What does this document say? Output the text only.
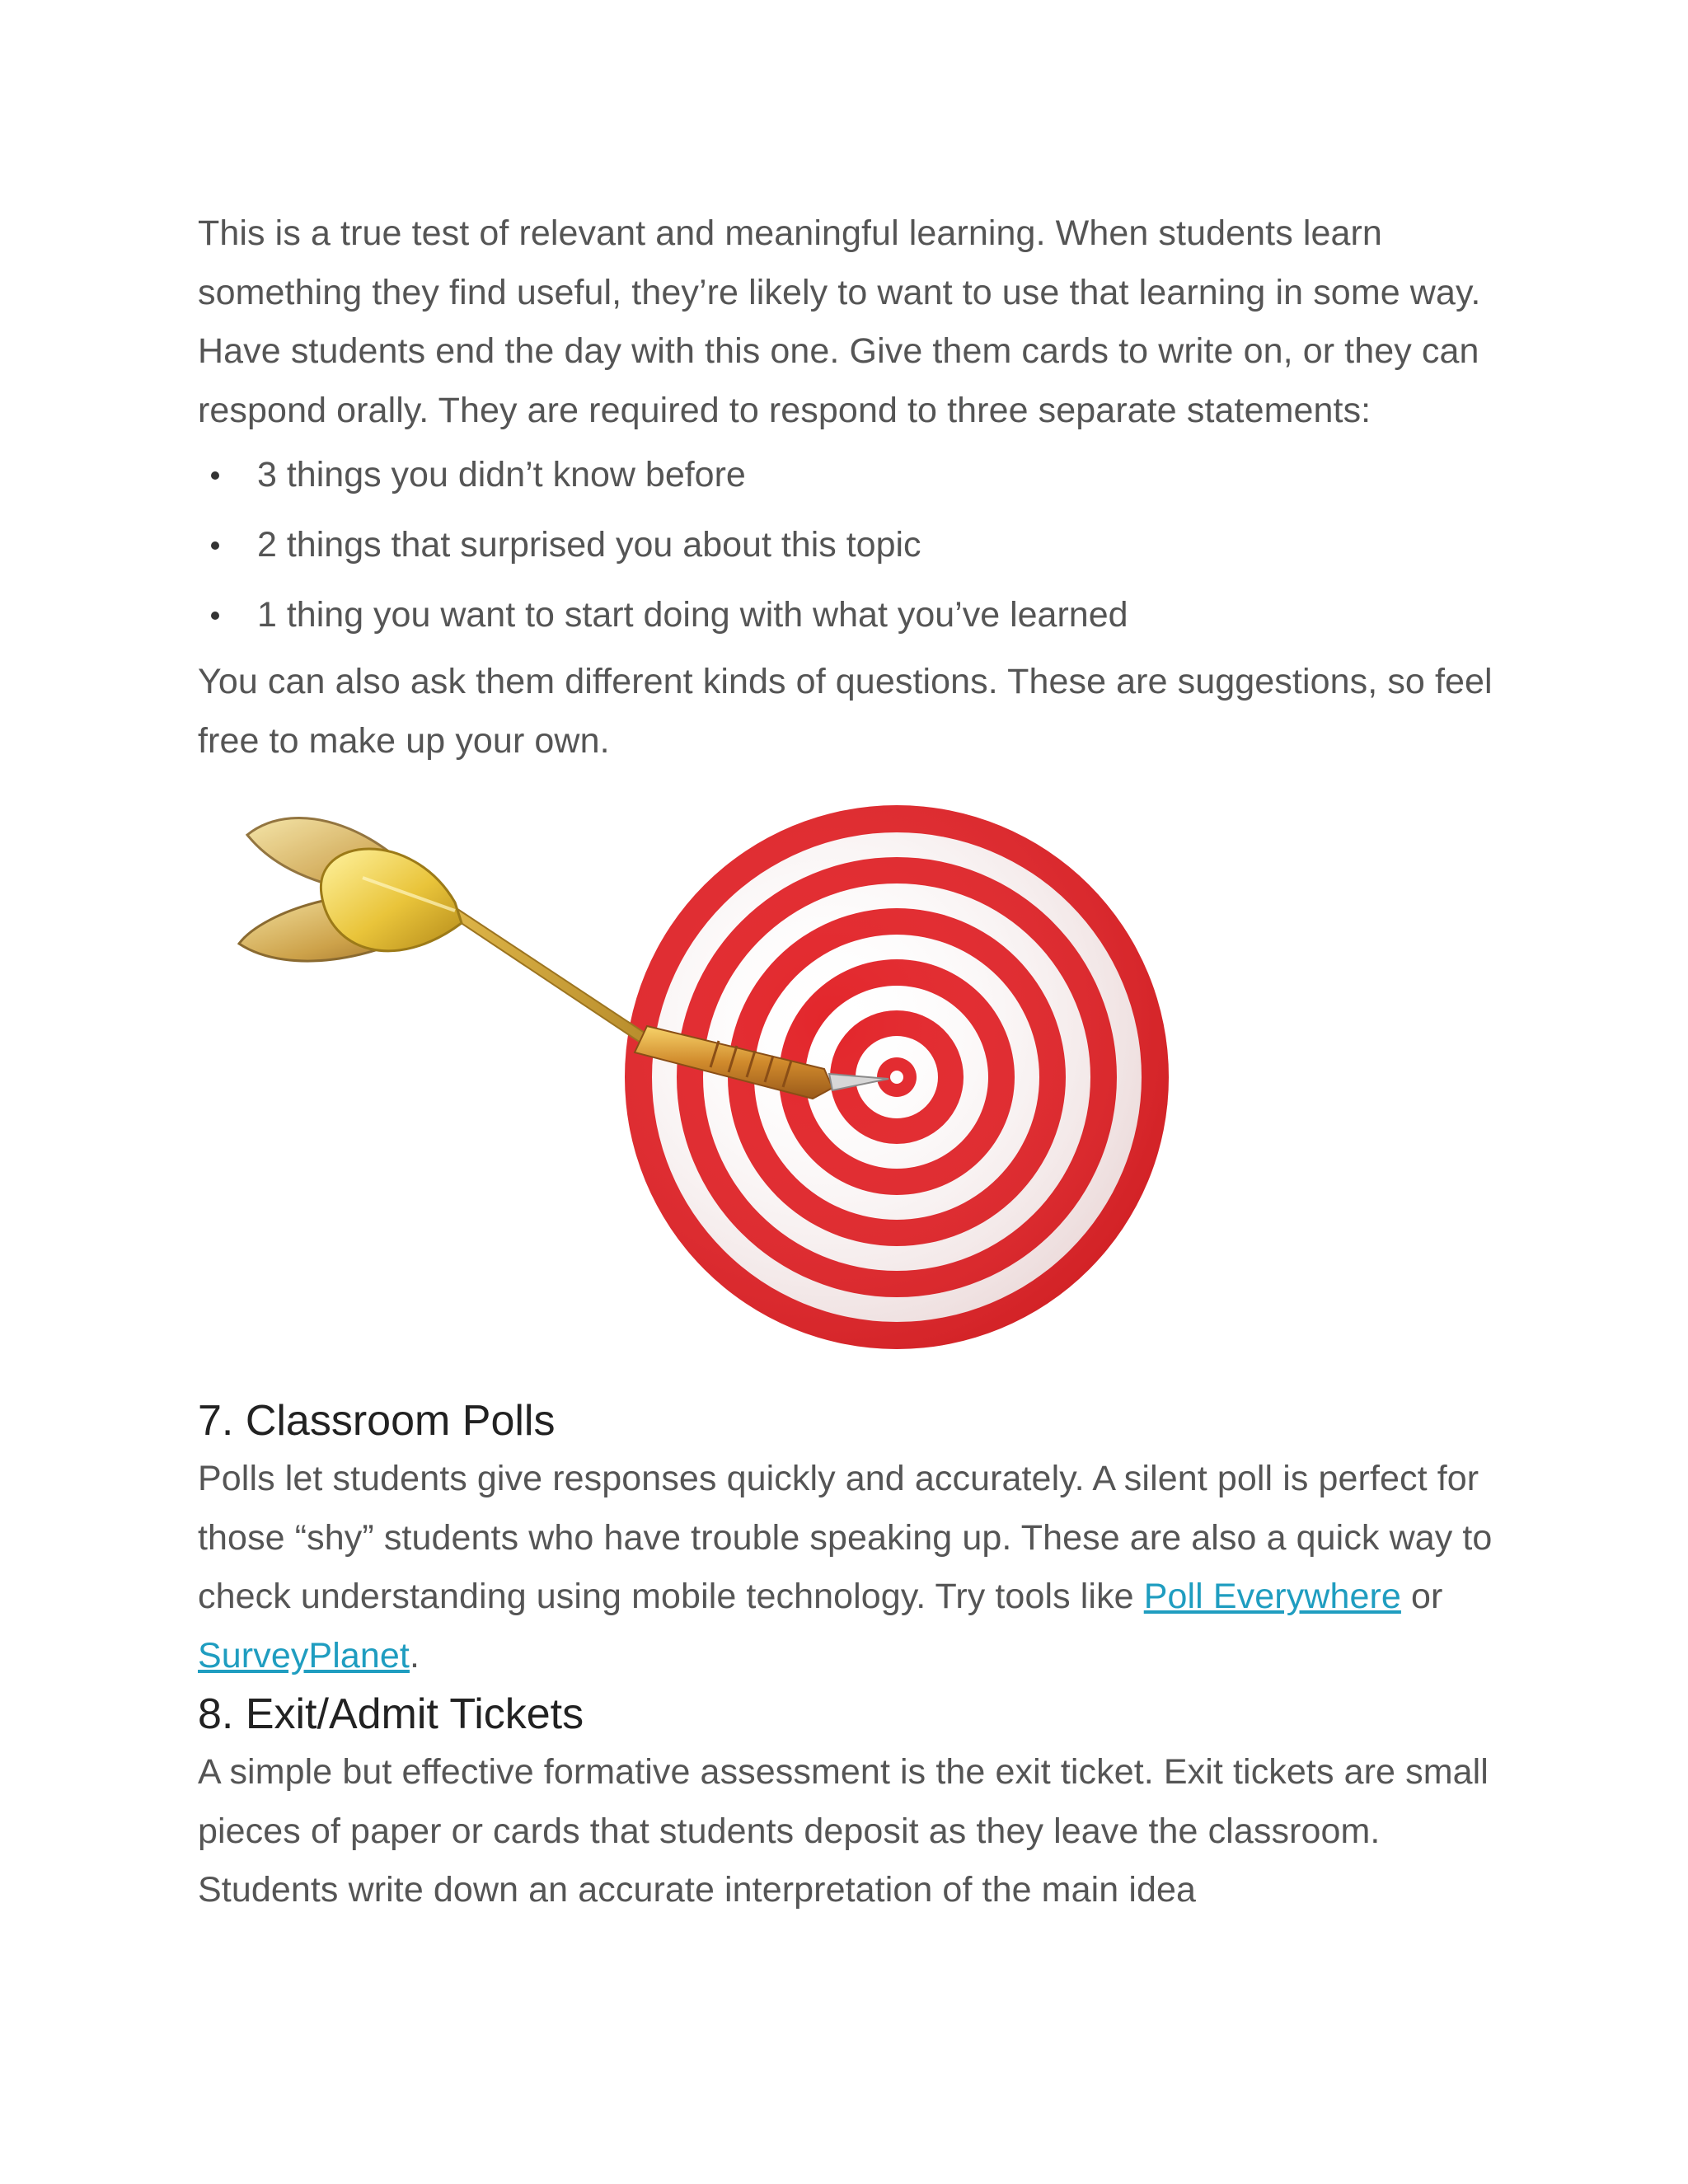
This is a true test of relevant and meaningful learning. When students learn something they find useful, they’re likely to want to use that learning in some way. Have students end the day with this one. Give them cards to write on, or they can respond orally. They are required to respond to three separate statements:

3 things you didn’t know before
2 things that surprised you about this topic
1 thing you want to start doing with what you’ve learned

You can also ask them different kinds of questions. These are suggestions, so feel free to make up your own.

7. Classroom Polls

Polls let students give responses quickly and accurately. A silent poll is perfect for those “shy” students who have trouble speaking up. These are also a quick way to check understanding using mobile technology. Try tools like Poll Everywhere or SurveyPlanet.

8. Exit/Admit Tickets

A simple but effective formative assessment is the exit ticket. Exit tickets are small pieces of paper or cards that students deposit as they leave the classroom. Students write down an accurate interpretation of the main idea
